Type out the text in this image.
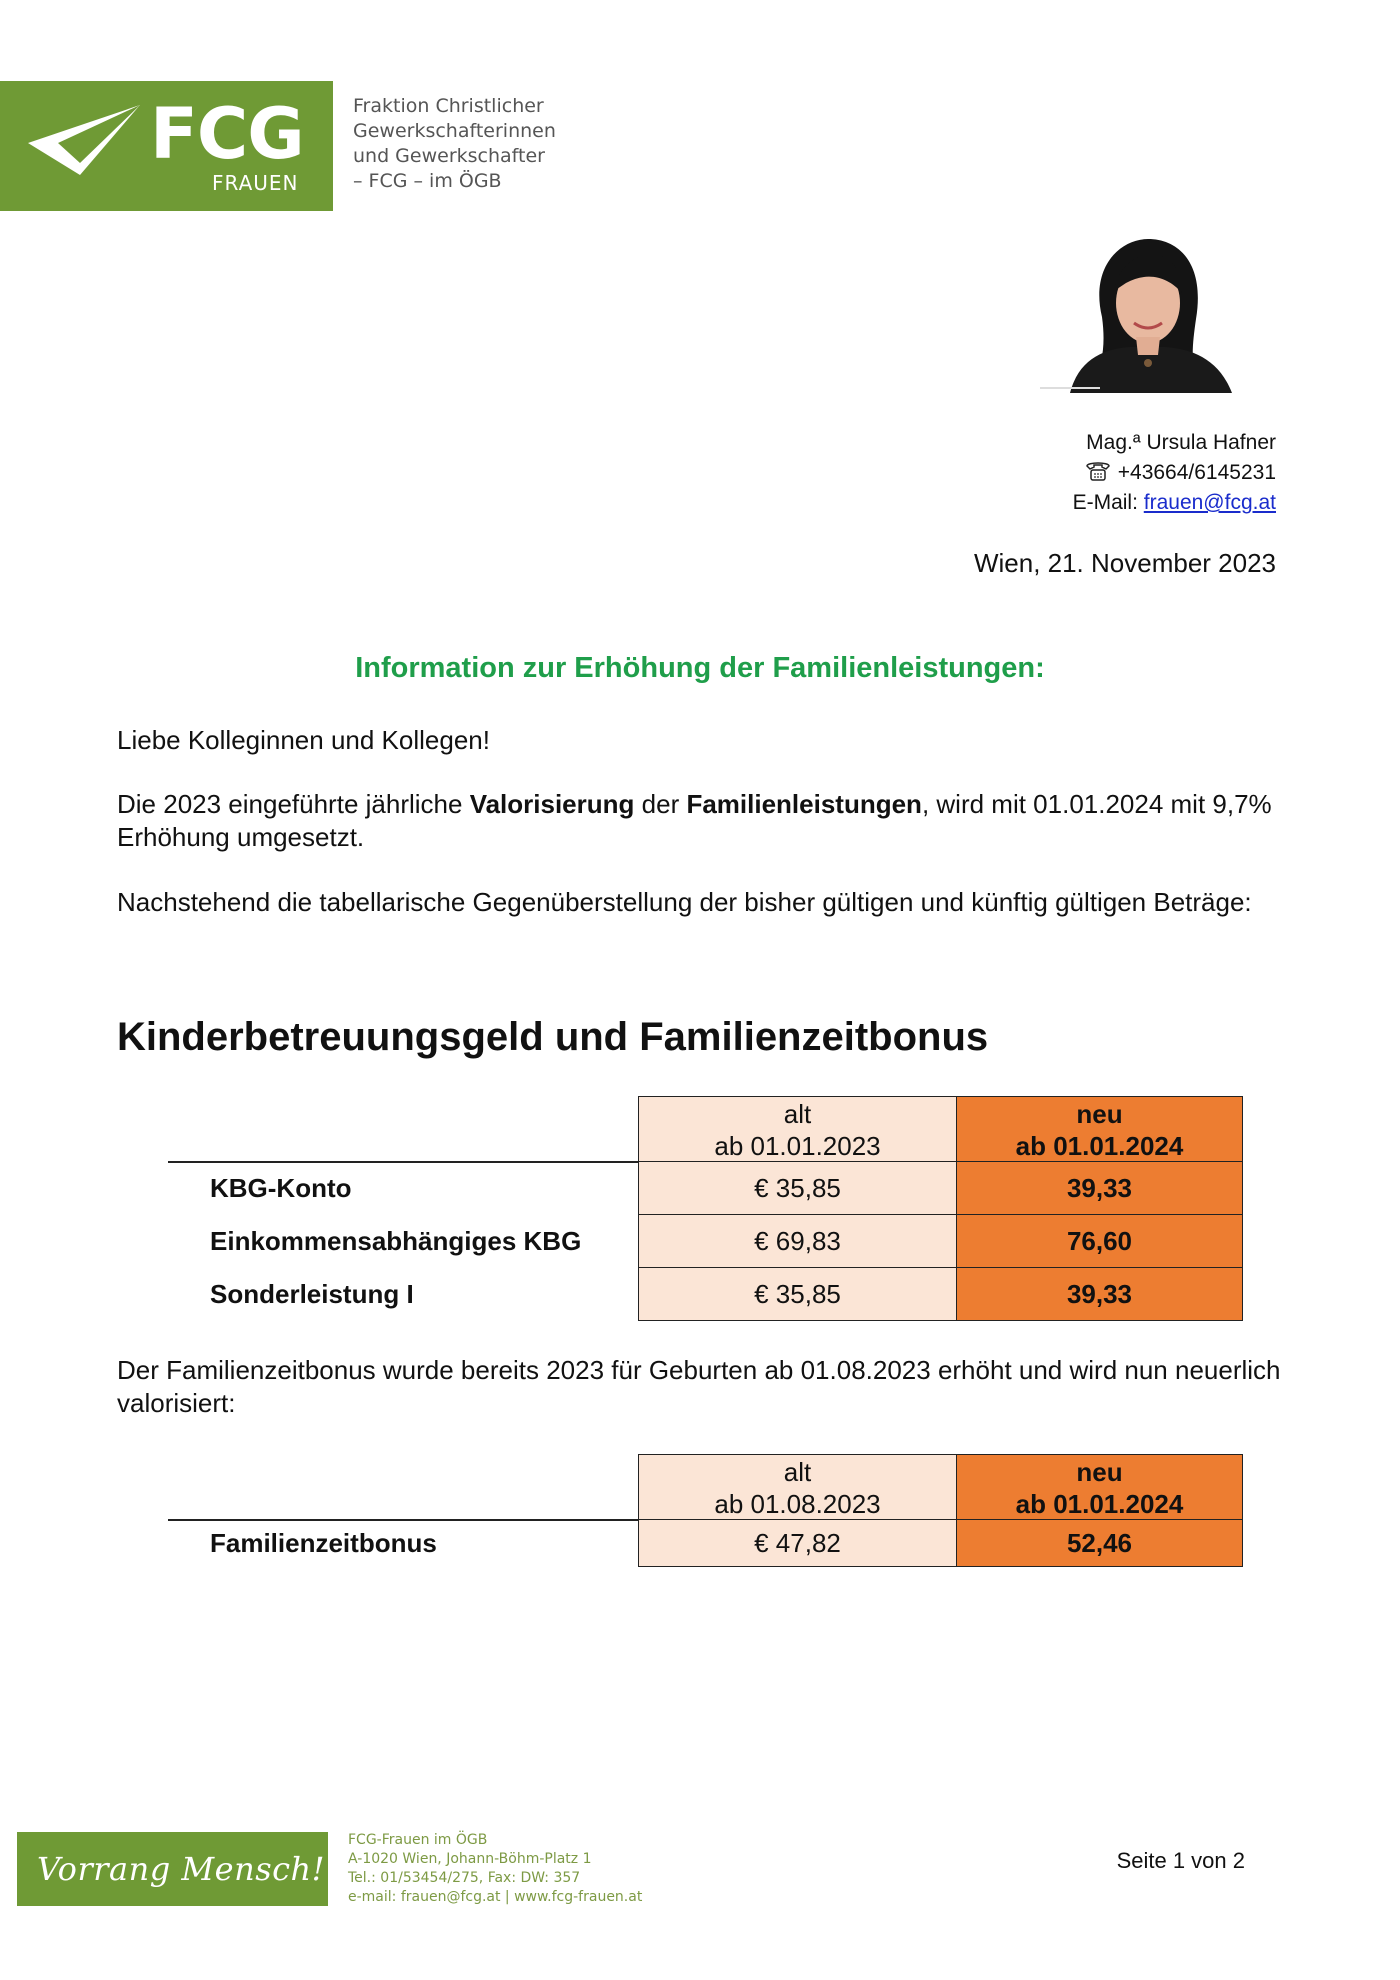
FCG
FRAUEN
Fraktion Christlicher
Gewerkschafterinnen
und Gewerkschafter
– FCG – im ÖGB
Mag.ª Ursula Hafner
+43664/6145231
E-Mail: frauen@fcg.at
Wien, 21. November 2023
Information zur Erhöhung der Familienleistungen:
Liebe Kolleginnen und Kollegen!
Die 2023 eingeführte jährliche Valorisierung der Familienleistungen, wird mit 01.01.2024 mit 9,7% Erhöhung umgesetzt.
Nachstehend die tabellarische Gegenüberstellung der bisher gültigen und künftig gültigen Beträge:
Kinderbetreuungsgeld und Familienzeitbonus
alt
ab 01.01.2023
neu
ab 01.01.2024
KBG-Konto	€ 35,85	39,33
Einkommensabhängiges KBG	€ 69,83	76,60
Sonderleistung I	€ 35,85	39,33
Der Familienzeitbonus wurde bereits 2023 für Geburten ab 01.08.2023 erhöht und wird nun neuerlich valorisiert:
alt
ab 01.08.2023
neu
ab 01.01.2024
Familienzeitbonus	€ 47,82	52,46
Vorrang Mensch!
FCG-Frauen im ÖGB
A-1020 Wien, Johann-Böhm-Platz 1
Tel.: 01/53454/275, Fax: DW: 357
e-mail: frauen@fcg.at | www.fcg-frauen.at
Seite 1 von 2
